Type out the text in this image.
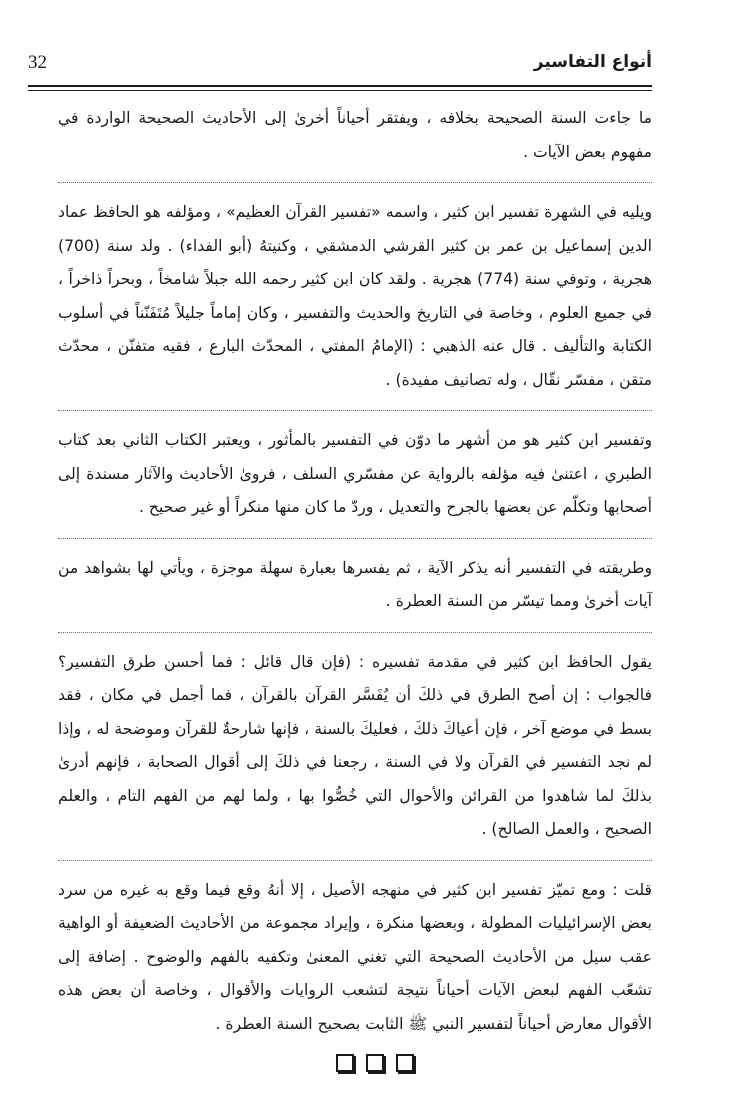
32	أنواع التفاسير

ما جاءت السنة الصحيحة بخلافه ، ويفتقر أحياناً أخرىٰ إلى الأحاديث الصحيحة الواردة في مفهوم بعض الآيات .

ويليه في الشهرة تفسير ابن كثير ، واسمه «تفسير القرآن العظيم» ، ومؤلفه هو الحافظ عماد الدين إسماعيل بن عمر بن كثير القرشي الدمشقي ، وكنيتهُ (أبو الفداء) . ولد سنة (700) هجرية ، وتوفي سنة (774) هجرية . ولقد كان ابن كثير رحمه الله جبلاً شامخاً ، وبحراً ذاخراً ، في جميع العلوم ، وخاصة في التاريخ والحديث والتفسير ، وكان إماماً جليلاً مُتَفَنّناً في أسلوب الكتابة والتأليف . قال عنه الذهبي : (الإمامُ المفتي ، المحدّث البارع ، فقيه متفنّن ، محدّث متقن ، مفسّر نقّال ، وله تصانيف مفيدة) .

وتفسير ابن كثير هو من أشهر ما دوّن في التفسير بالمأثور ، ويعتبر الكتاب الثاني بعد كتاب الطبري ، اعتنىٰ فيه مؤلفه بالرواية عن مفسّري السلف ، فروىٰ الأحاديث والآثار مسندة إلى أصحابها وتكلّم عن بعضها بالجرح والتعديل ، وردّ ما كان منها منكراً أو غير صحيح .

وطريقته في التفسير أنه يذكر الآية ، ثم يفسرها بعبارة سهلة موجزة ، ويأتي لها بشواهد من آيات أخرىٰ ومما تيسّر من السنة العطرة .

يقول الحافظ ابن كثير في مقدمة تفسيره : (فإن قال قائل : فما أحسن طرق التفسير؟ فالجواب : إن أصح الطرق في ذلكَ أن يُفَسَّر القرآن بالقرآن ، فما أجمل في مكان ، فقد بسط في موضع آخر ، فإن أعياكَ ذلكَ ، فعليكَ بالسنة ، فإنها شارحةٌ للقرآن وموضحة له ، وإذا لم نجد التفسير في القرآن ولا في السنة ، رجعنا في ذلكَ إلى أقوال الصحابة ، فإنهم أدرىٰ بذلكَ لما شاهدوا من القرائن والأحوال التي خُصُّوا بها ، ولما لهم من الفهم التام ، والعلم الصحيح ، والعمل الصالح) .

قلت : ومع تميّز تفسير ابن كثير في منهجه الأصيل ، إلا أنهُ وقع فيما وقع به غيره من سرد بعض الإسرائيليات المطولة ، وبعضها منكرة ، وإيراد مجموعة من الأحاديث الضعيفة أو الواهية عقب سيل من الأحاديث الصحيحة التي تغني المعنىٰ وتكفيه بالفهم والوضوح . إضافة إلى تشعّب الفهم لبعض الآيات أحياناً نتيجة لتشعب الروايات والأقوال ، وخاصة أن بعض هذه الأقوال معارض أحياناً لتفسير النبي ﷺ الثابت بصحيح السنة العطرة .
